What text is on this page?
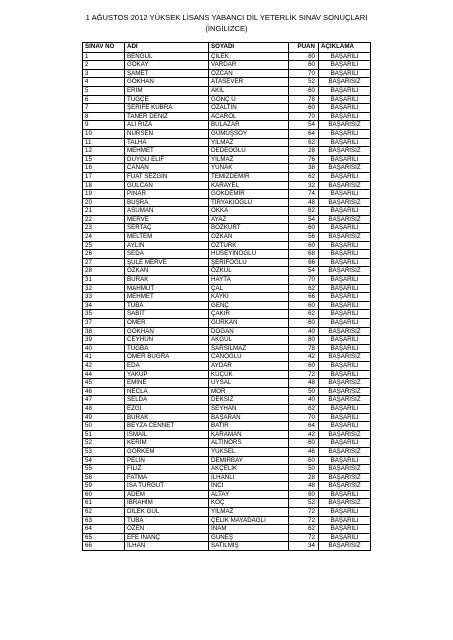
1 AĞUSTOS 2012 YÜKSEK LİSANS YABANCI DİL YETERLİK SINAV SONUÇLARI
(İNGİLİZCE)
SINAV NO	ADI	SOYADI	PUAN	AÇIKLAMA
1	BENGÜL	ÇİLEK	80	BAŞARILI
2	GÖKAY	VARDAR	60	BAŞARILI
3	SAMET	ÖZCAN	70	BAŞARILI
4	GÖKHAN	ATASEVER	52	BAŞARISIZ
5	ERİM	AKIL	60	BAŞARILI
6	TUĞÇE	GÖNÇ Ü	78	BAŞARILI
7	ŞERİFE KÜBRA	ÖZALTIN	60	BAŞARILI
8	TANER DENİZ	ACAROL	70	BAŞARILI
9	ALİ RIZA	BULAZAR	54	BAŞARISIZ
10	NURSEN	GÜMÜŞSOY	64	BAŞARILI
11	TALHA	YILMAZ	62	BAŞARILI
12	MEHMET	DEDEOĞLU	28	BAŞARISIZ
15	DUYGU ELİF	YILMAZ	76	BAŞARILI
16	CANAN	YUNAK	38	BAŞARISIZ
17	FUAT SEZGİN	TEMİZDEMİR	62	BAŞARILI
18	GÜLCAN	KARAYEL	32	BAŞARISIZ
19	PINAR	GÖKDEMİR	74	BAŞARILI
20	BÜŞRA	TİRYAKİOĞLU	48	BAŞARISIZ
21	ASUMAN	OKKA	62	BAŞARILI
22	MERVE	AYAZ	54	BAŞARISIZ
23	SERTAÇ	BOZKURT	60	BAŞARILI
24	MELTEM	ÖZKAN	56	BAŞARISIZ
25	AYLİN	ÖZTÜRK	60	BAŞARILI
26	SEDA	HÜSEYİNOĞLU	68	BAŞARILI
27	ŞULE MERVE	ŞERİFOĞLU	66	BAŞARILI
28	ÖZKAN	ÖZKUL	54	BAŞARISIZ
31	BURAK	HAYTA	70	BAŞARILI
32	MAHMUT	ÇAL	62	BAŞARILI
33	MEHMET	KAYKI	66	BAŞARILI
34	TUBA	GENÇ	60	BAŞARILI
35	SABİT	ÇAKIR	62	BAŞARILI
37	ÖMER	GÜRKAN	60	BAŞARILI
38	GÖKHAN	DOĞAN	40	BAŞARISIZ
39	CEYHUN	AKGÜL	80	BAŞARILI
40	TUĞBA	SARSILMAZ	78	BAŞARILI
41	ÖMER BUĞRA	CANOĞLU	42	BAŞARISIZ
42	EDA	AYDAR	60	BAŞARILI
44	YAKUP	KÜÇÜK	72	BAŞARILI
45	EMİNE	UYSAL	48	BAŞARISIZ
46	NECLA	MOR	50	BAŞARISIZ
47	SELDA	DEKSİZ	40	BAŞARISIZ
48	EZGİ	SEYHAN	62	BAŞARILI
49	BURAK	BAŞARAN	70	BAŞARILI
50	BEYZA CENNET	BATIR	64	BAŞARILI
51	İSMAİL	KARAMAN	42	BAŞARISIZ
52	KERİM	ALTINÖRS	60	BAŞARILI
53	GÖRKEM	YÜKSEL	46	BAŞARISIZ
54	PELİN	DEMİRBAY	60	BAŞARILI
55	FİLİZ	AKÇELİK	50	BAŞARISIZ
58	FATMA	İLHANLI	28	BAŞARISIZ
59	İSA TURGUT	İNCİ	48	BAŞARISIZ
60	ADEM	ALTAY	60	BAŞARILI
61	İBRAHİM	KOÇ	52	BAŞARISIZ
62	DİLEK GÜL	YILMAZ	72	BAŞARILI
63	TUBA	ÇELİK MAYADAĞLI	72	BAŞARILI
64	ÖZEN	İNAM	62	BAŞARILI
65	EFE İNANÇ	GÜNEŞ	72	BAŞARILI
66	İLHAN	SATILMIŞ	34	BAŞARISIZ
